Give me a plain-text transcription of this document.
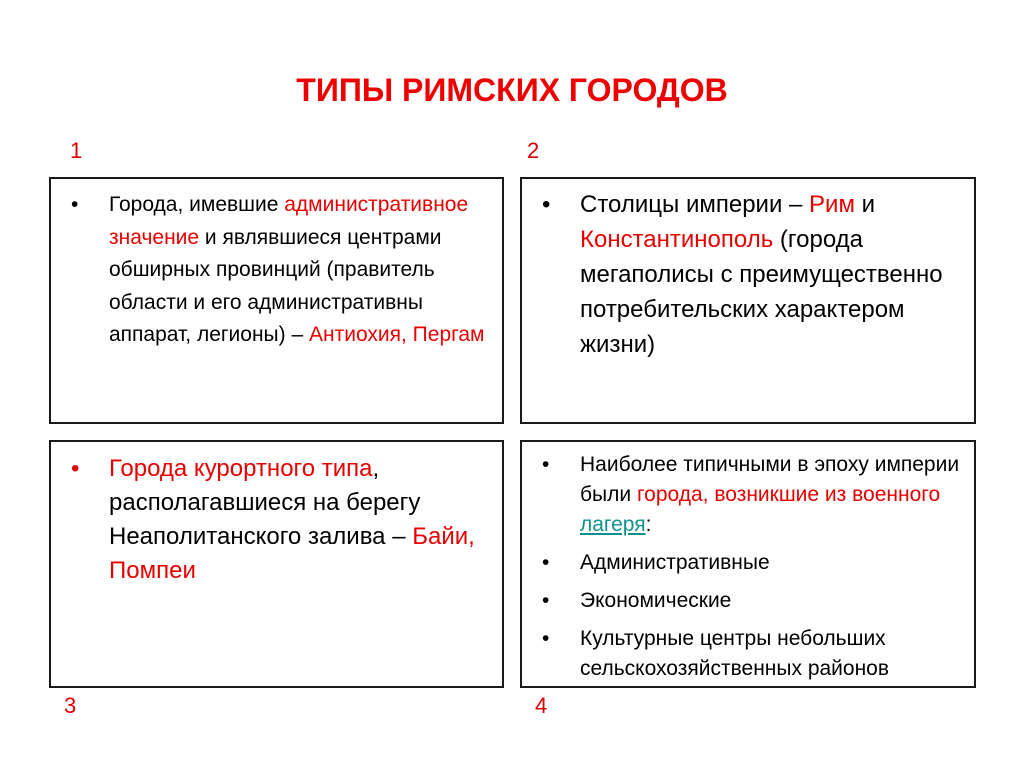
ТИПЫ РИМСКИХ ГОРОДОВ
1	2
3	4
• Города, имевшие административное значение и являвшиеся центрами обширных провинций (правитель области и его административны аппарат, легионы) – Антиохия, Пергам
• Столицы империи – Рим и Константинополь (города мегаполисы с преимущественно потребительских характером жизни)
• Города курортного типа, располагавшиеся на берегу Неаполитанского залива – Байи, Помпеи
• Наиболее типичными в эпоху империи были города, возникшие из военного лагеря:
• Административные
• Экономические
• Культурные центры небольших сельскохозяйственных районов
